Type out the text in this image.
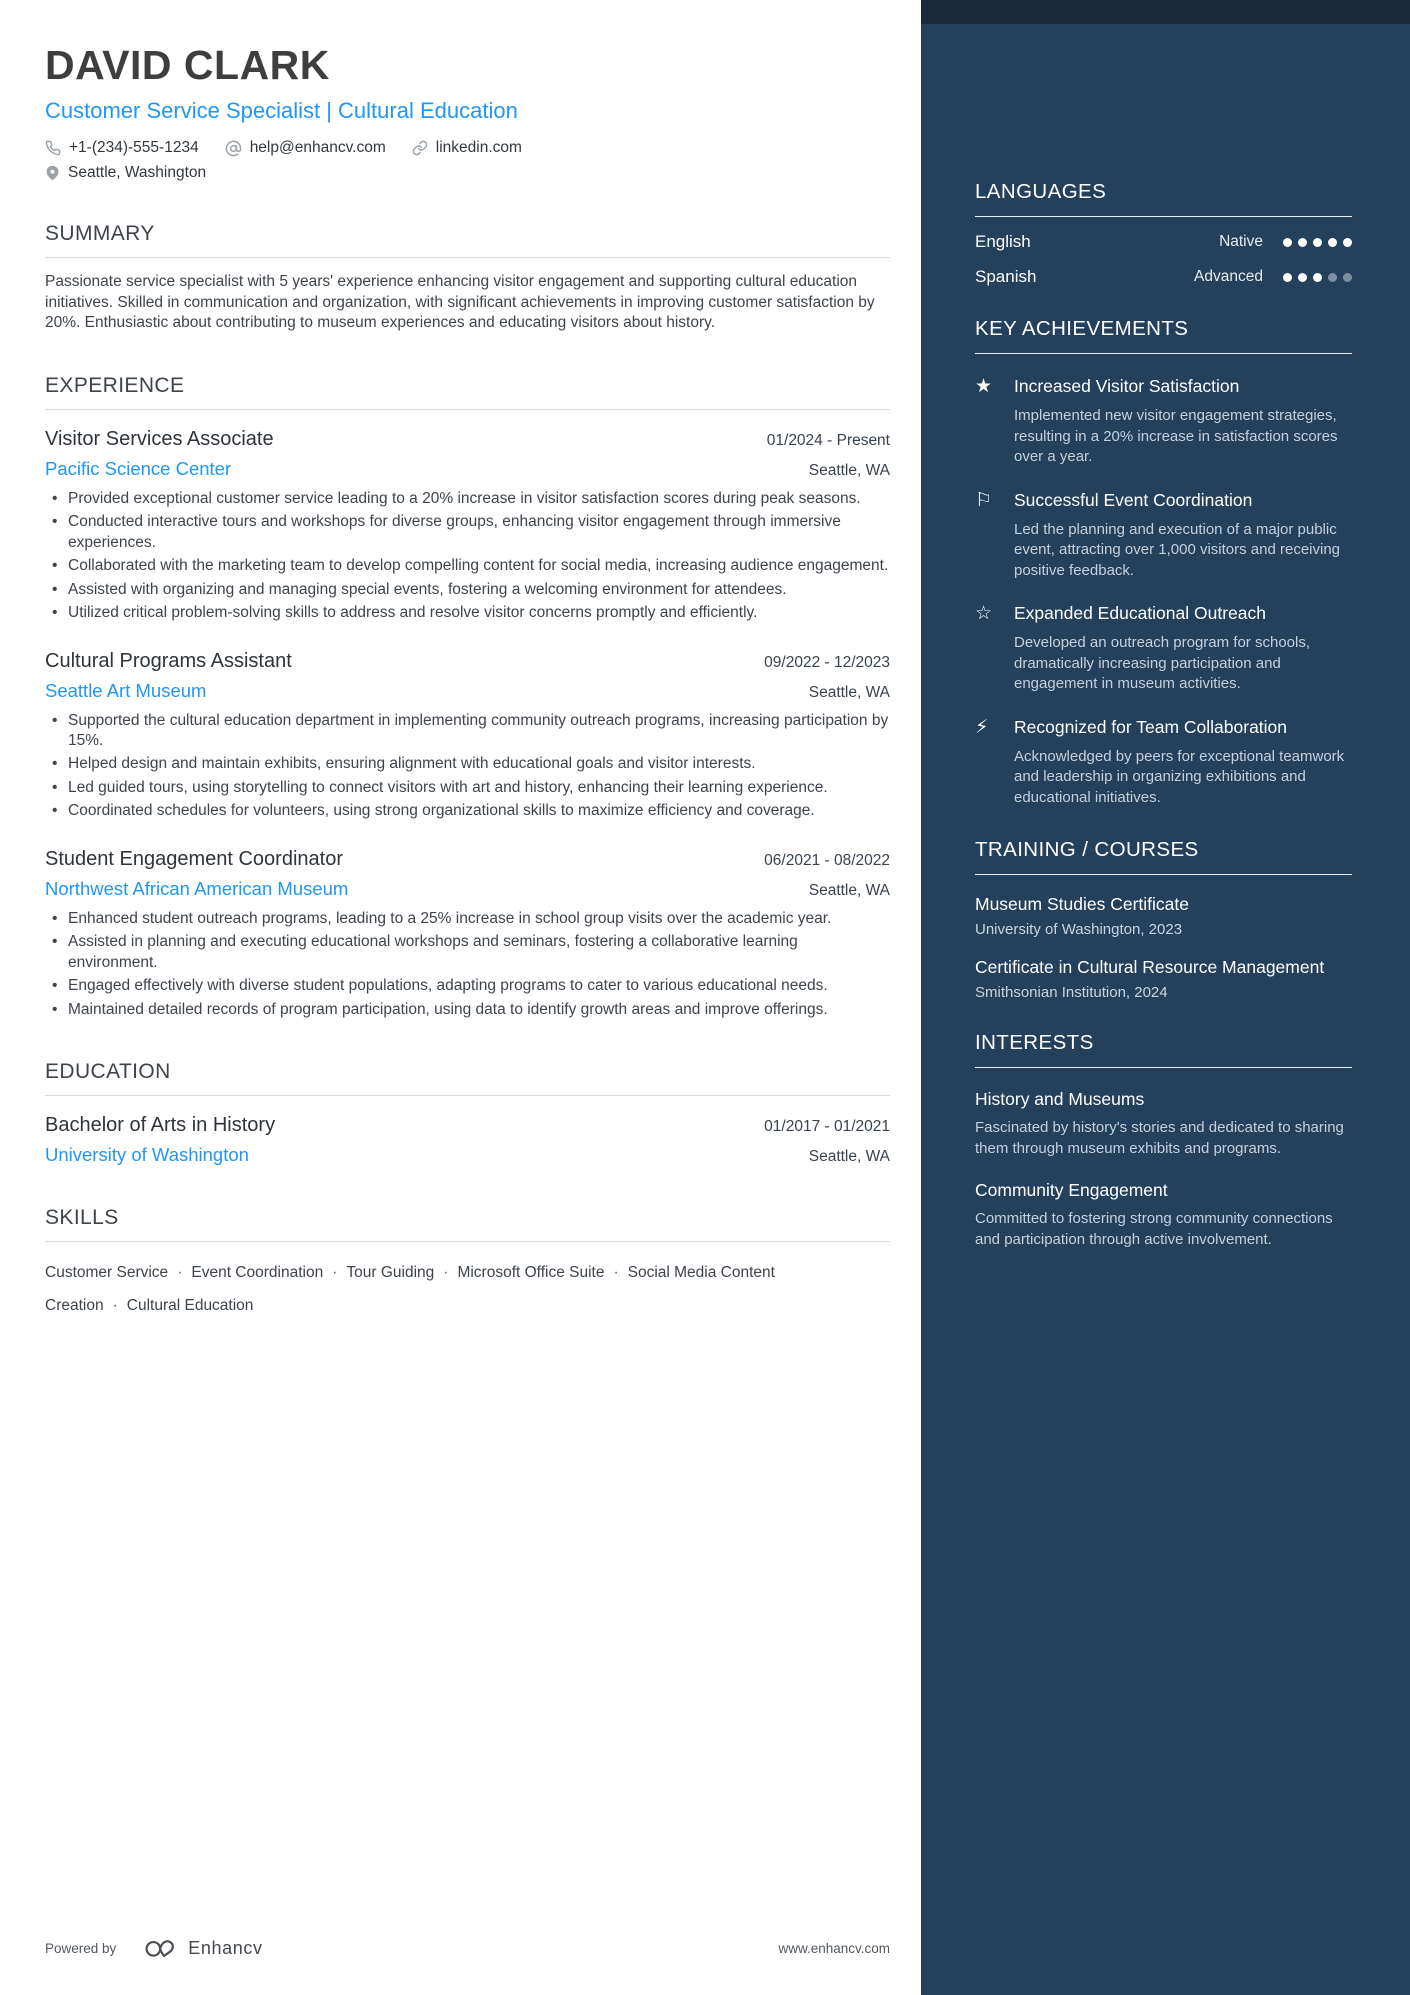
DAVID CLARK
Customer Service Specialist | Cultural Education
+1-(234)-555-1234	help@enhancv.com	linkedin.com
Seattle, Washington
SUMMARY

Passionate service specialist with 5 years' experience enhancing visitor engagement and supporting cultural education initiatives. Skilled in communication and organization, with significant achievements in improving customer satisfaction by 20%. Enthusiastic about contributing to museum experiences and educating visitors about history.

EXPERIENCE
Visitor Services Associate	01/2024 - Present
Pacific Science Center	Seattle, WA
• Provided exceptional customer service leading to a 20% increase in visitor satisfaction scores during peak seasons.
• Conducted interactive tours and workshops for diverse groups, enhancing visitor engagement through immersive experiences.
• Collaborated with the marketing team to develop compelling content for social media, increasing audience engagement.
• Assisted with organizing and managing special events, fostering a welcoming environment for attendees.
• Utilized critical problem-solving skills to address and resolve visitor concerns promptly and efficiently.
Cultural Programs Assistant	09/2022 - 12/2023
Seattle Art Museum	Seattle, WA
• Supported the cultural education department in implementing community outreach programs, increasing participation by 15%.
• Helped design and maintain exhibits, ensuring alignment with educational goals and visitor interests.
• Led guided tours, using storytelling to connect visitors with art and history, enhancing their learning experience.
• Coordinated schedules for volunteers, using strong organizational skills to maximize efficiency and coverage.
Student Engagement Coordinator	06/2021 - 08/2022
Northwest African American Museum	Seattle, WA
• Enhanced student outreach programs, leading to a 25% increase in school group visits over the academic year.
• Assisted in planning and executing educational workshops and seminars, fostering a collaborative learning environment.
• Engaged effectively with diverse student populations, adapting programs to cater to various educational needs.
• Maintained detailed records of program participation, using data to identify growth areas and improve offerings.
EDUCATION
Bachelor of Arts in History	01/2017 - 01/2021
University of Washington	Seattle, WA
SKILLS

Customer Service · Event Coordination · Tour Guiding · Microsoft Office Suite · Social Media Content Creation · Cultural Education

Powered by	Enhancv	www.enhancv.com
LANGUAGES
English	Native
Spanish	Advanced
KEY ACHIEVEMENTS
★	Increased Visitor Satisfaction

Implemented new visitor engagement strategies, resulting in a 20% increase in satisfaction scores over a year.

⚐	Successful Event Coordination

Led the planning and execution of a major public event, attracting over 1,000 visitors and receiving positive feedback.

☆	Expanded Educational Outreach

Developed an outreach program for schools, dramatically increasing participation and engagement in museum activities.

⚡	Recognized for Team Collaboration

Acknowledged by peers for exceptional teamwork and leadership in organizing exhibitions and educational initiatives.

TRAINING / COURSES
Museum Studies Certificate

University of Washington, 2023

Certificate in Cultural Resource Management

Smithsonian Institution, 2024

INTERESTS
History and Museums

Fascinated by history's stories and dedicated to sharing them through museum exhibits and programs.

Community Engagement

Committed to fostering strong community connections and participation through active involvement.
